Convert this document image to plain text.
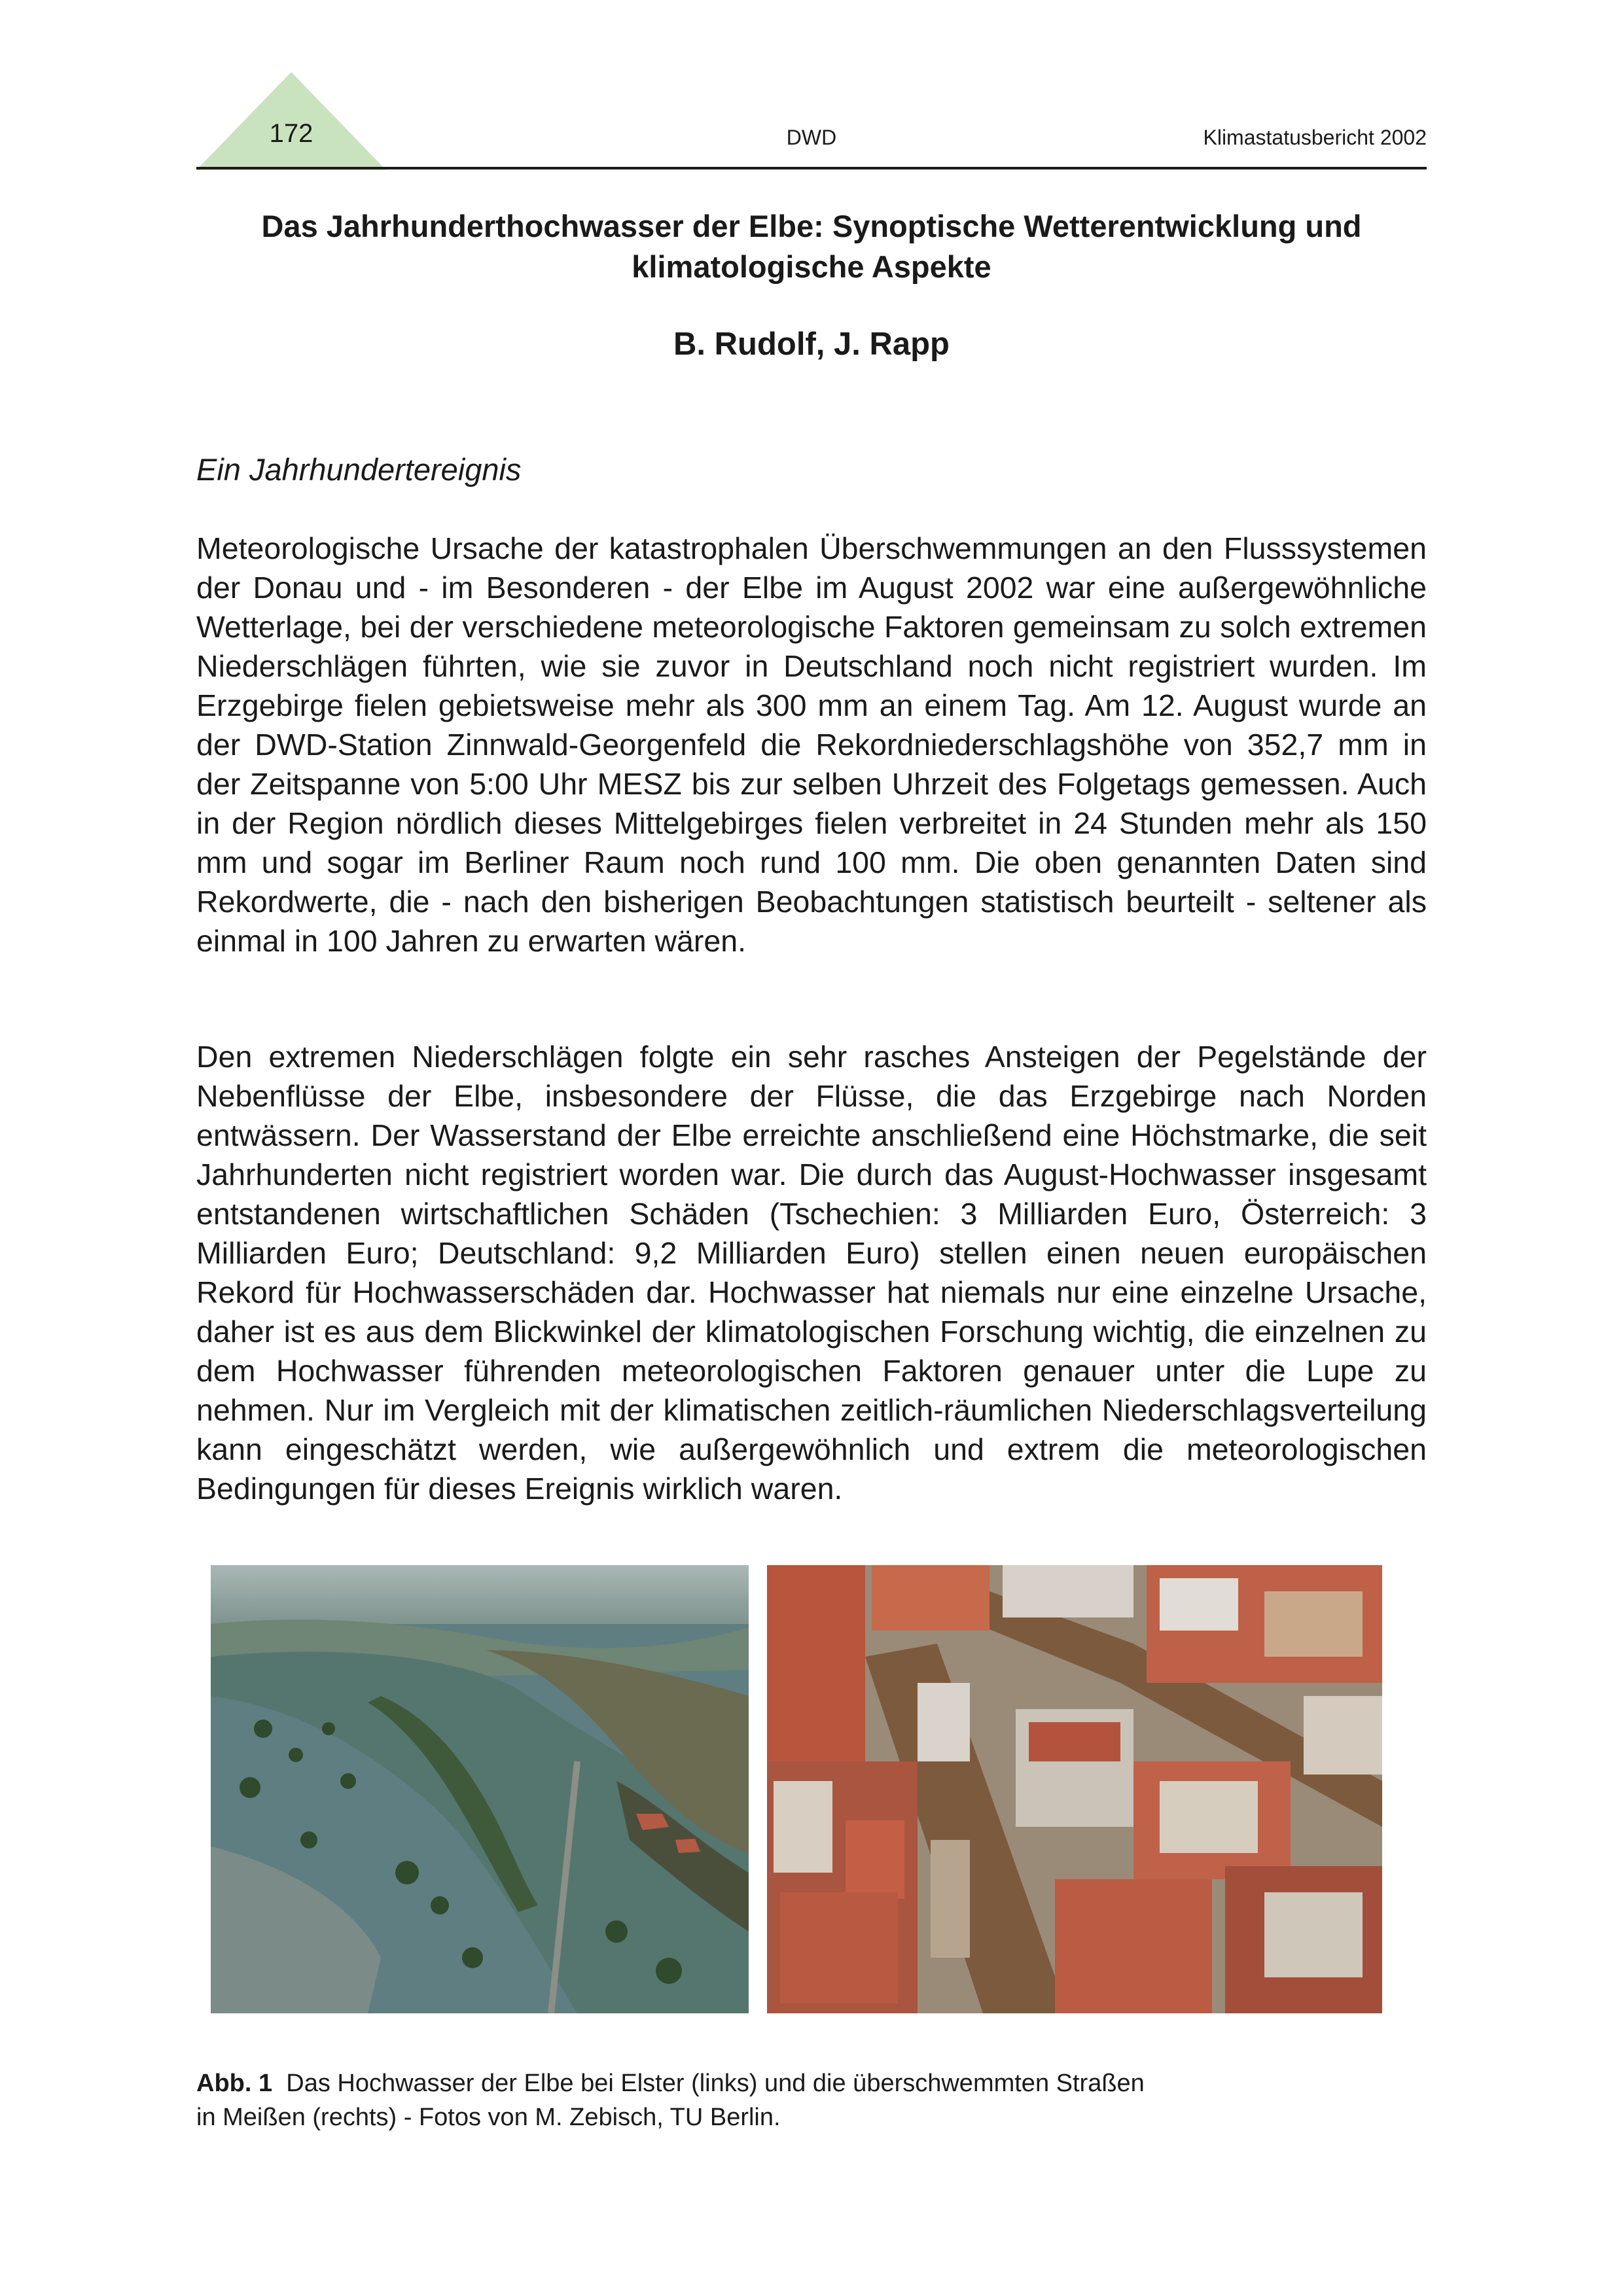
172	DWD	Klimastatusbericht 2002
Das Jahrhunderthochwasser der Elbe: Synoptische Wetterentwicklung und
klimatologische Aspekte
B. Rudolf, J. Rapp
Ein Jahrhundertereignis
Meteorologische Ursache der katastrophalen Überschwemmungen an den Flusssystemen der Donau und - im Besonderen - der Elbe im August 2002 war eine außergewöhnliche Wetterlage, bei der verschiedene meteorologische Faktoren gemeinsam zu solch extremen Niederschlägen führten, wie sie zuvor in Deutschland noch nicht registriert wurden. Im Erzgebirge fielen gebietsweise mehr als 300 mm an einem Tag. Am 12. August wurde an der DWD-Station Zinnwald-Georgenfeld die Rekordniederschlagshöhe von 352,7 mm in der Zeitspanne von 5:00 Uhr MESZ bis zur selben Uhrzeit des Folgetags gemessen. Auch in der Region nördlich dieses Mittelgebirges fielen verbreitet in 24 Stunden mehr als 150 mm und sogar im Berliner Raum noch rund 100 mm. Die oben genannten Daten sind Rekordwerte, die - nach den bisherigen Beobachtungen statistisch beurteilt - seltener als einmal in 100 Jahren zu erwarten wären.
Den extremen Niederschlägen folgte ein sehr rasches Ansteigen der Pegelstände der Nebenflüsse der Elbe, insbesondere der Flüsse, die das Erzgebirge nach Norden entwässern. Der Wasserstand der Elbe erreichte anschließend eine Höchstmarke, die seit Jahrhunderten nicht registriert worden war. Die durch das August-Hochwasser insgesamt entstandenen wirtschaftlichen Schäden (Tschechien: 3 Milliarden Euro, Österreich: 3 Milliarden Euro; Deutschland: 9,2 Milliarden Euro) stellen einen neuen europäischen Rekord für Hochwasserschäden dar. Hochwasser hat niemals nur eine einzelne Ursache, daher ist es aus dem Blickwinkel der klimatologischen Forschung wichtig, die einzelnen zu dem Hochwasser führenden meteorologischen Faktoren genauer unter die Lupe zu nehmen. Nur im Vergleich mit der klimatischen zeitlich-räumlichen Niederschlagsverteilung kann eingeschätzt werden, wie außergewöhnlich und extrem die meteorologischen Bedingungen für dieses Ereignis wirklich waren.
Abb. 1 Das Hochwasser der Elbe bei Elster (links) und die überschwemmten Straßen
in Meißen (rechts) - Fotos von M. Zebisch, TU Berlin.
